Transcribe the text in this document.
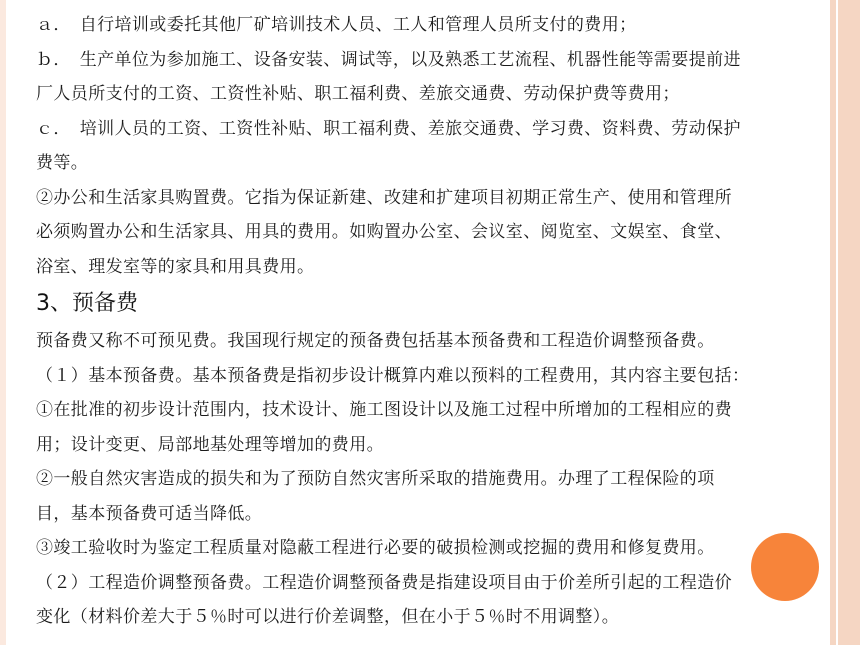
ａ．　自行培训或委托其他厂矿培训技术人员、工人和管理人员所支付的费用；
ｂ．　生产单位为参加施工、设备安装、调试等，以及熟悉工艺流程、机器性能等需要提前进
厂人员所支付的工资、工资性补贴、职工福利费、差旅交通费、劳动保护费等费用；
ｃ．　培训人员的工资、工资性补贴、职工福利费、差旅交通费、学习费、资料费、劳动保护
费等。
②办公和生活家具购置费。它指为保证新建、改建和扩建项目初期正常生产、使用和管理所
必须购置办公和生活家具、用具的费用。如购置办公室、会议室、阅览室、文娱室、食堂、
浴室、理发室等的家具和用具费用。
3、预备费
预备费又称不可预见费。我国现行规定的预备费包括基本预备费和工程造价调整预备费。
（１）基本预备费。基本预备费是指初步设计概算内难以预料的工程费用，其内容主要包括：
①在批准的初步设计范围内，技术设计、施工图设计以及施工过程中所增加的工程相应的费
用；设计变更、局部地基处理等增加的费用。
②一般自然灾害造成的损失和为了预防自然灾害所采取的措施费用。办理了工程保险的项
目，基本预备费可适当降低。
③竣工验收时为鉴定工程质量对隐蔽工程进行必要的破损检测或挖掘的费用和修复费用。
（２）工程造价调整预备费。工程造价调整预备费是指建设项目由于价差所引起的工程造价
变化（材料价差大于５％时可以进行价差调整，但在小于５％时不用调整）。
